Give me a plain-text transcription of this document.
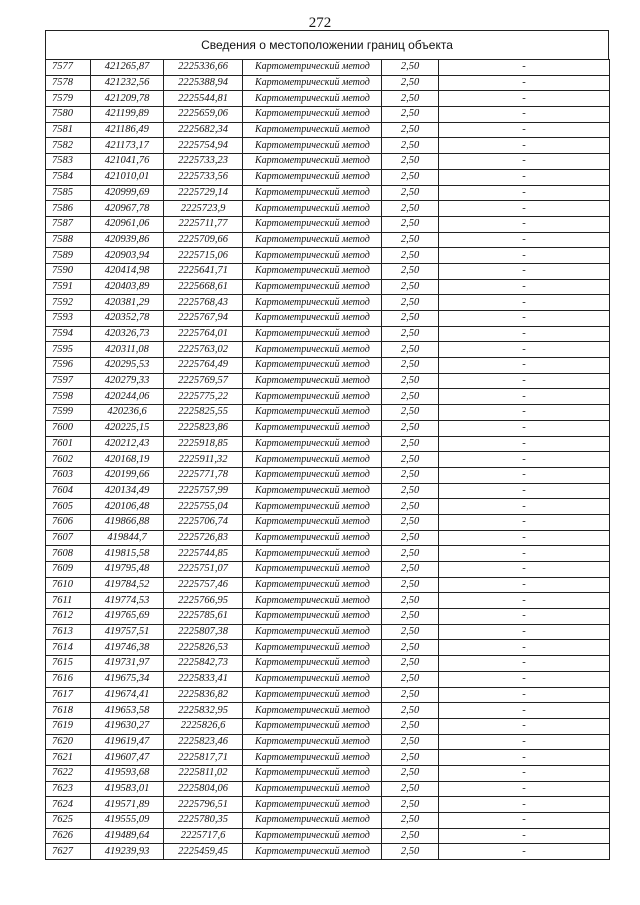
272
Сведения о местоположении границ объекта
7577	421265,87	2225336,66	Картометрический метод	2,50	-
7578	421232,56	2225388,94	Картометрический метод	2,50	-
7579	421209,78	2225544,81	Картометрический метод	2,50	-
7580	421199,89	2225659,06	Картометрический метод	2,50	-
7581	421186,49	2225682,34	Картометрический метод	2,50	-
7582	421173,17	2225754,94	Картометрический метод	2,50	-
7583	421041,76	2225733,23	Картометрический метод	2,50	-
7584	421010,01	2225733,56	Картометрический метод	2,50	-
7585	420999,69	2225729,14	Картометрический метод	2,50	-
7586	420967,78	2225723,9	Картометрический метод	2,50	-
7587	420961,06	2225711,77	Картометрический метод	2,50	-
7588	420939,86	2225709,66	Картометрический метод	2,50	-
7589	420903,94	2225715,06	Картометрический метод	2,50	-
7590	420414,98	2225641,71	Картометрический метод	2,50	-
7591	420403,89	2225668,61	Картометрический метод	2,50	-
7592	420381,29	2225768,43	Картометрический метод	2,50	-
7593	420352,78	2225767,94	Картометрический метод	2,50	-
7594	420326,73	2225764,01	Картометрический метод	2,50	-
7595	420311,08	2225763,02	Картометрический метод	2,50	-
7596	420295,53	2225764,49	Картометрический метод	2,50	-
7597	420279,33	2225769,57	Картометрический метод	2,50	-
7598	420244,06	2225775,22	Картометрический метод	2,50	-
7599	420236,6	2225825,55	Картометрический метод	2,50	-
7600	420225,15	2225823,86	Картометрический метод	2,50	-
7601	420212,43	2225918,85	Картометрический метод	2,50	-
7602	420168,19	2225911,32	Картометрический метод	2,50	-
7603	420199,66	2225771,78	Картометрический метод	2,50	-
7604	420134,49	2225757,99	Картометрический метод	2,50	-
7605	420106,48	2225755,04	Картометрический метод	2,50	-
7606	419866,88	2225706,74	Картометрический метод	2,50	-
7607	419844,7	2225726,83	Картометрический метод	2,50	-
7608	419815,58	2225744,85	Картометрический метод	2,50	-
7609	419795,48	2225751,07	Картометрический метод	2,50	-
7610	419784,52	2225757,46	Картометрический метод	2,50	-
7611	419774,53	2225766,95	Картометрический метод	2,50	-
7612	419765,69	2225785,61	Картометрический метод	2,50	-
7613	419757,51	2225807,38	Картометрический метод	2,50	-
7614	419746,38	2225826,53	Картометрический метод	2,50	-
7615	419731,97	2225842,73	Картометрический метод	2,50	-
7616	419675,34	2225833,41	Картометрический метод	2,50	-
7617	419674,41	2225836,82	Картометрический метод	2,50	-
7618	419653,58	2225832,95	Картометрический метод	2,50	-
7619	419630,27	2225826,6	Картометрический метод	2,50	-
7620	419619,47	2225823,46	Картометрический метод	2,50	-
7621	419607,47	2225817,71	Картометрический метод	2,50	-
7622	419593,68	2225811,02	Картометрический метод	2,50	-
7623	419583,01	2225804,06	Картометрический метод	2,50	-
7624	419571,89	2225796,51	Картометрический метод	2,50	-
7625	419555,09	2225780,35	Картометрический метод	2,50	-
7626	419489,64	2225717,6	Картометрический метод	2,50	-
7627	419239,93	2225459,45	Картометрический метод	2,50	-
